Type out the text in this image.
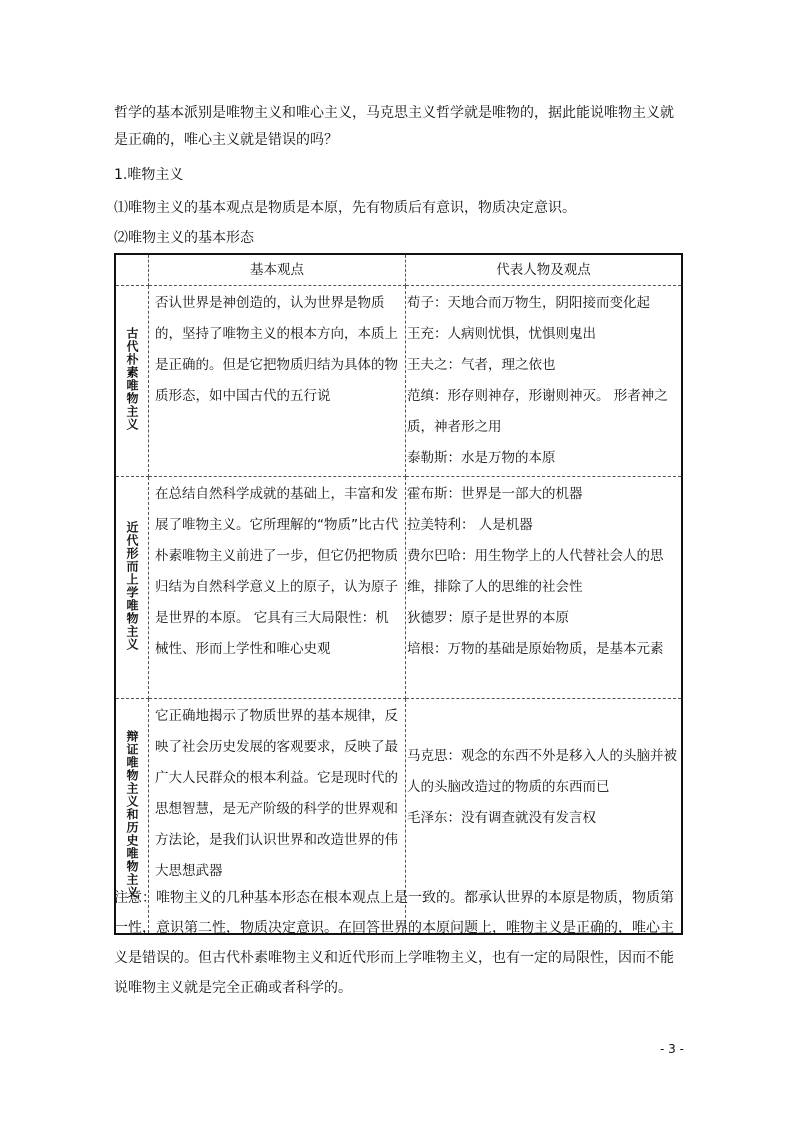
哲学的基本派别是唯物主义和唯心主义，马克思主义哲学就是唯物的，据此能说唯物主义就是正确的，唯心主义就是错误的吗？

1.唯物主义

⑴唯物主义的基本观点是物质是本原，先有物质后有意识，物质决定意识。

⑵唯物主义的基本形态

	基本观点	代表人物及观点
古代朴素唯物主义	否认世界是神创造的，认为世界是物质的，坚持了唯物主义的根本方向，本质上是正确的。但是它把物质归结为具体的物质形态，如中国古代的五行说	荀子：天地合而万物生，阴阳接而变化起

王充：人病则忧惧，忧惧则鬼出

王夫之：气者，理之依也

范缜：形存则神存，形谢则神灭。 形者神之质，神者形之用

泰勒斯：水是万物的本原

近代形而上学唯物主义	在总结自然科学成就的基础上，丰富和发展了唯物主义。它所理解的“物质”比古代朴素唯物主义前进了一步，但它仍把物质归结为自然科学意义上的原子，认为原子是世界的本原。 它具有三大局限性：机械性、形而上学性和唯心史观	霍布斯：世界是一部大的机器

拉美特利： 人是机器

费尔巴哈：用生物学上的人代替社会人的思维，排除了人的思维的社会性

狄德罗：原子是世界的本原

培根：万物的基础是原始物质，是基本元素

辩证唯物主义和历史唯物主义	它正确地揭示了物质世界的基本规律，反映了社会历史发展的客观要求，反映了最广大人民群众的根本利益。它是现时代的思想智慧，是无产阶级的科学的世界观和方法论，是我们认识世界和改造世界的伟大思想武器	马克思：观念的东西不外是移入人的头脑并被人的头脑改造过的物质的东西而已

毛泽东：没有调查就没有发言权

注意：唯物主义的几种基本形态在根本观点上是一致的。都承认世界的本原是物质，物质第一性，意识第二性，物质决定意识。在回答世界的本原问题上，唯物主义是正确的，唯心主义是错误的。但古代朴素唯物主义和近代形而上学唯物主义，也有一定的局限性，因而不能说唯物主义就是完全正确或者科学的。

- 3 -
